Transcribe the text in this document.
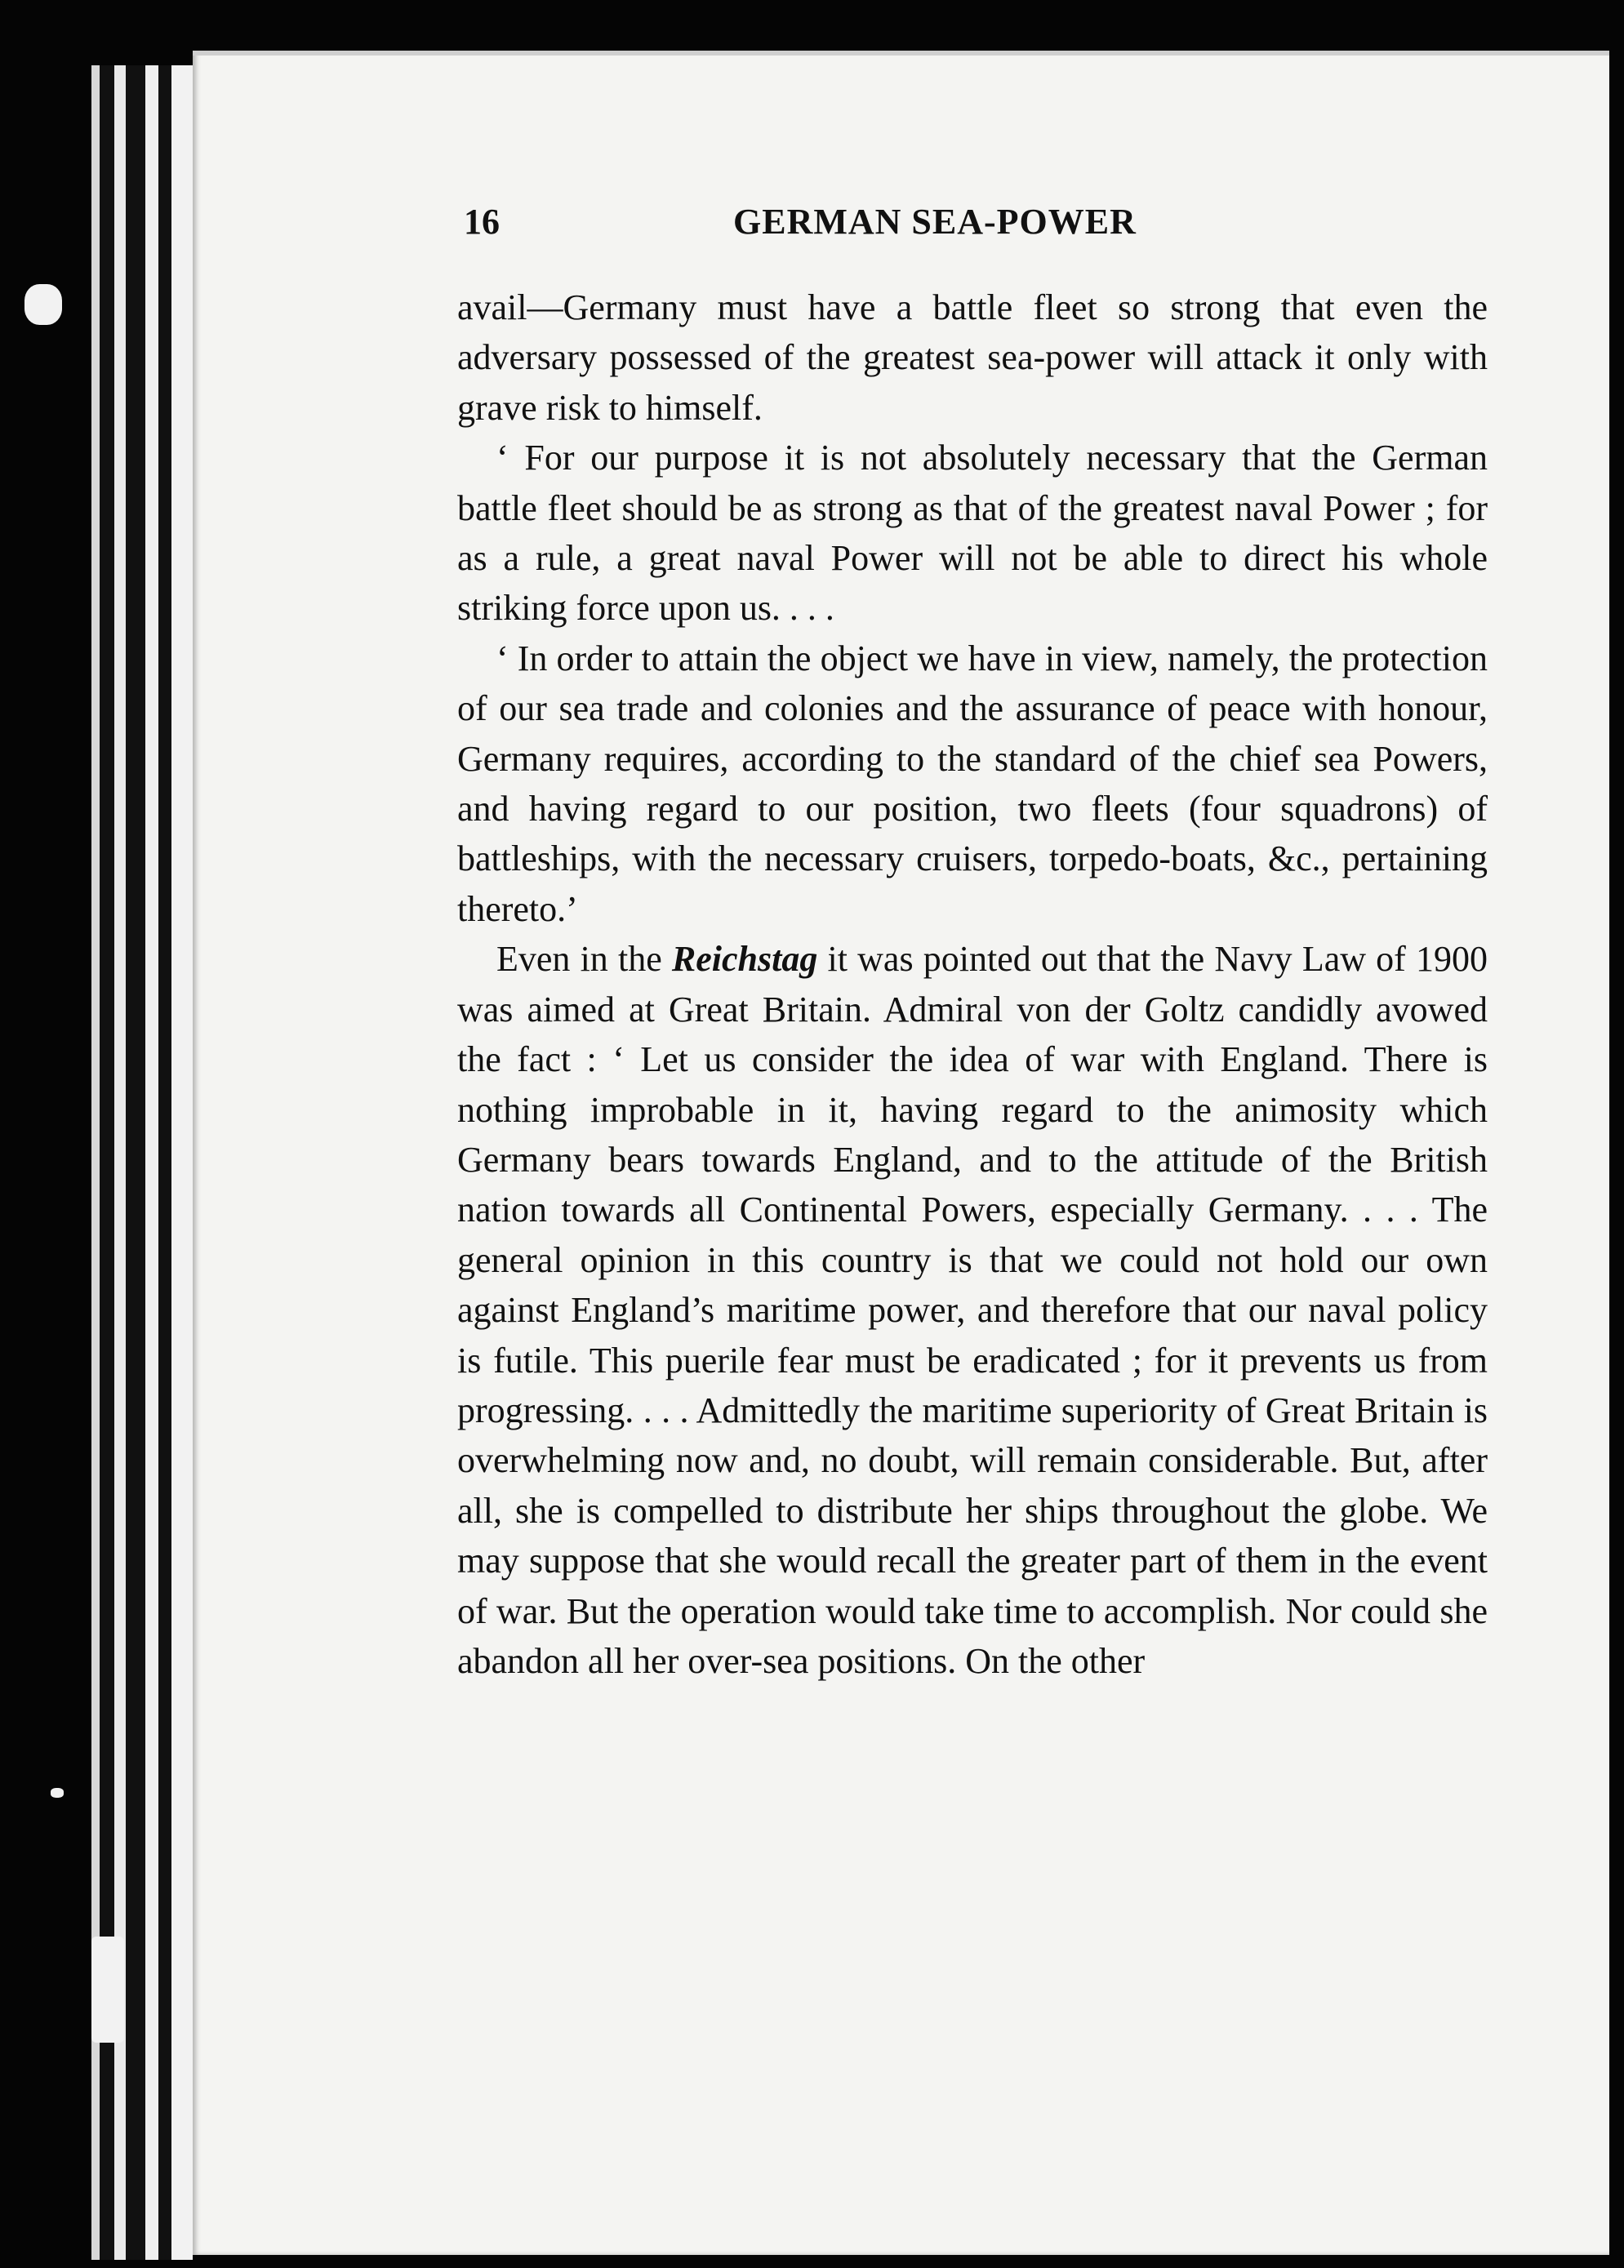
16	GERMAN SEA-POWER

avail—Germany must have a battle fleet so strong that even the adversary possessed of the greatest sea-power will attack it only with grave risk to himself.

‘ For our purpose it is not absolutely necessary that the German battle fleet should be as strong as that of the greatest naval Power ; for as a rule, a great naval Power will not be able to direct his whole striking force upon us. . . .

‘ In order to attain the object we have in view, namely, the protection of our sea trade and colonies and the assurance of peace with honour, Germany requires, according to the standard of the chief sea Powers, and having regard to our position, two fleets (four squadrons) of battleships, with the necessary cruisers, torpedo-boats, &c., pertaining thereto.’

Even in the Reichstag it was pointed out that the Navy Law of 1900 was aimed at Great Britain. Admiral von der Goltz candidly avowed the fact : ‘ Let us consider the idea of war with England. There is nothing improbable in it, having regard to the animosity which Germany bears towards England, and to the attitude of the British nation towards all Continental Powers, especially Germany. . . . The general opinion in this country is that we could not hold our own against England’s maritime power, and therefore that our naval policy is futile. This puerile fear must be eradicated ; for it prevents us from progressing. . . . Admittedly the maritime superiority of Great Britain is overwhelming now and, no doubt, will remain considerable. But, after all, she is compelled to distribute her ships throughout the globe. We may suppose that she would recall the greater part of them in the event of war. But the operation would take time to accomplish. Nor could she abandon all her over-sea positions. On the other
